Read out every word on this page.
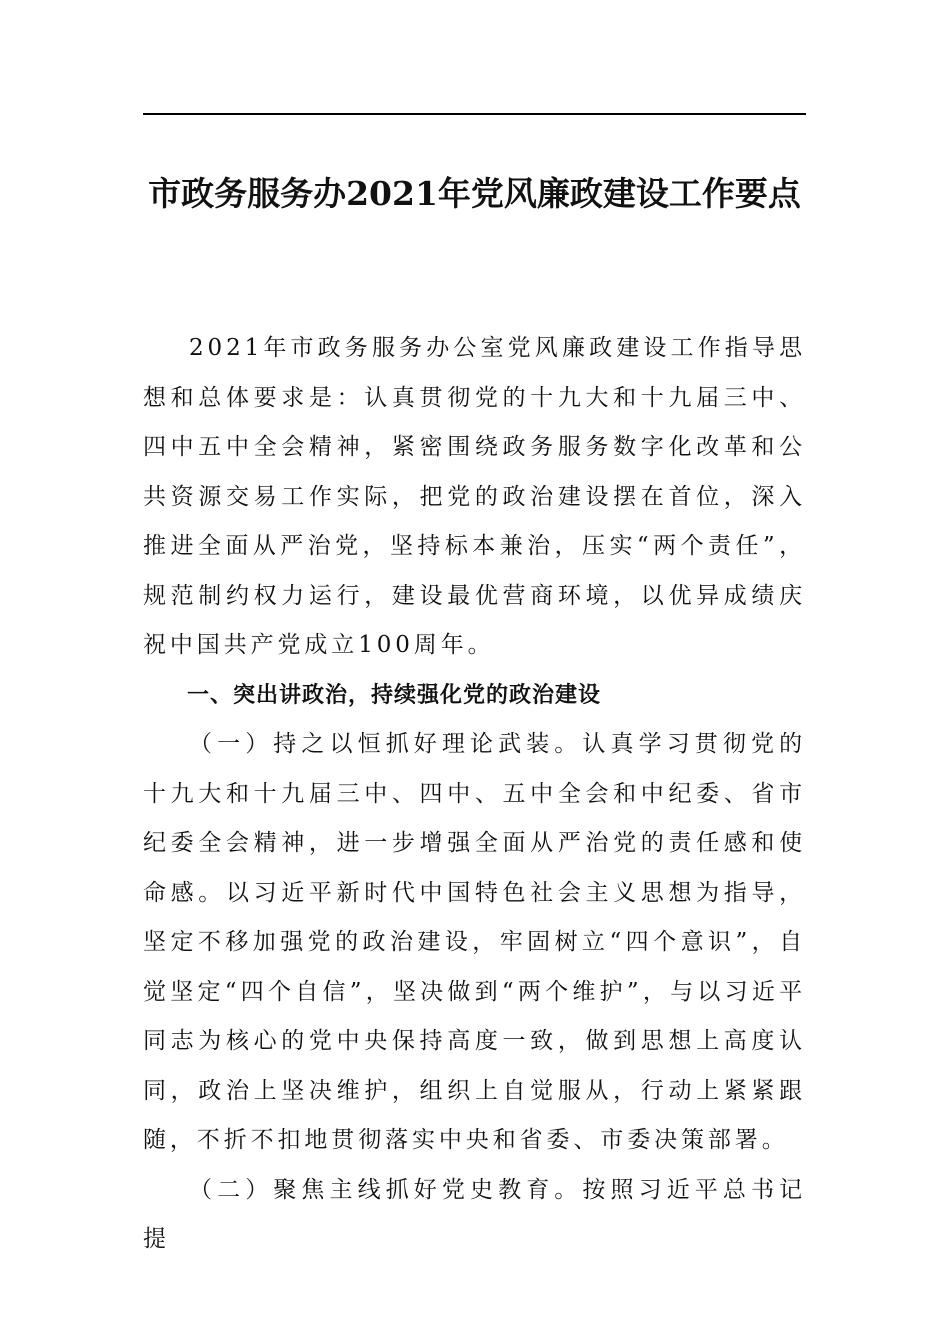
市政务服务办2021年党风廉政建设工作要点

2021年市政务服务办公室党风廉政建设工作指导思想和总体要求是：认真贯彻党的十九大和十九届三中、四中五中全会精神，紧密围绕政务服务数字化改革和公共资源交易工作实际，把党的政治建设摆在首位，深入推进全面从严治党，坚持标本兼治，压实“两个责任”，规范制约权力运行，建设最优营商环境，以优异成绩庆祝中国共产党成立100周年。

一、突出讲政治，持续强化党的政治建设

（一）持之以恒抓好理论武装。认真学习贯彻党的十九大和十九届三中、四中、五中全会和中纪委、省市纪委全会精神，进一步增强全面从严治党的责任感和使命感。以习近平新时代中国特色社会主义思想为指导，坚定不移加强党的政治建设，牢固树立“四个意识”，自觉坚定“四个自信”，坚决做到“两个维护”，与以习近平同志为核心的党中央保持高度一致，做到思想上高度认同，政治上坚决维护，组织上自觉服从，行动上紧紧跟随，不折不扣地贯彻落实中央和省委、市委决策部署。

（二）聚焦主线抓好党史教育。按照习近平总书记提
